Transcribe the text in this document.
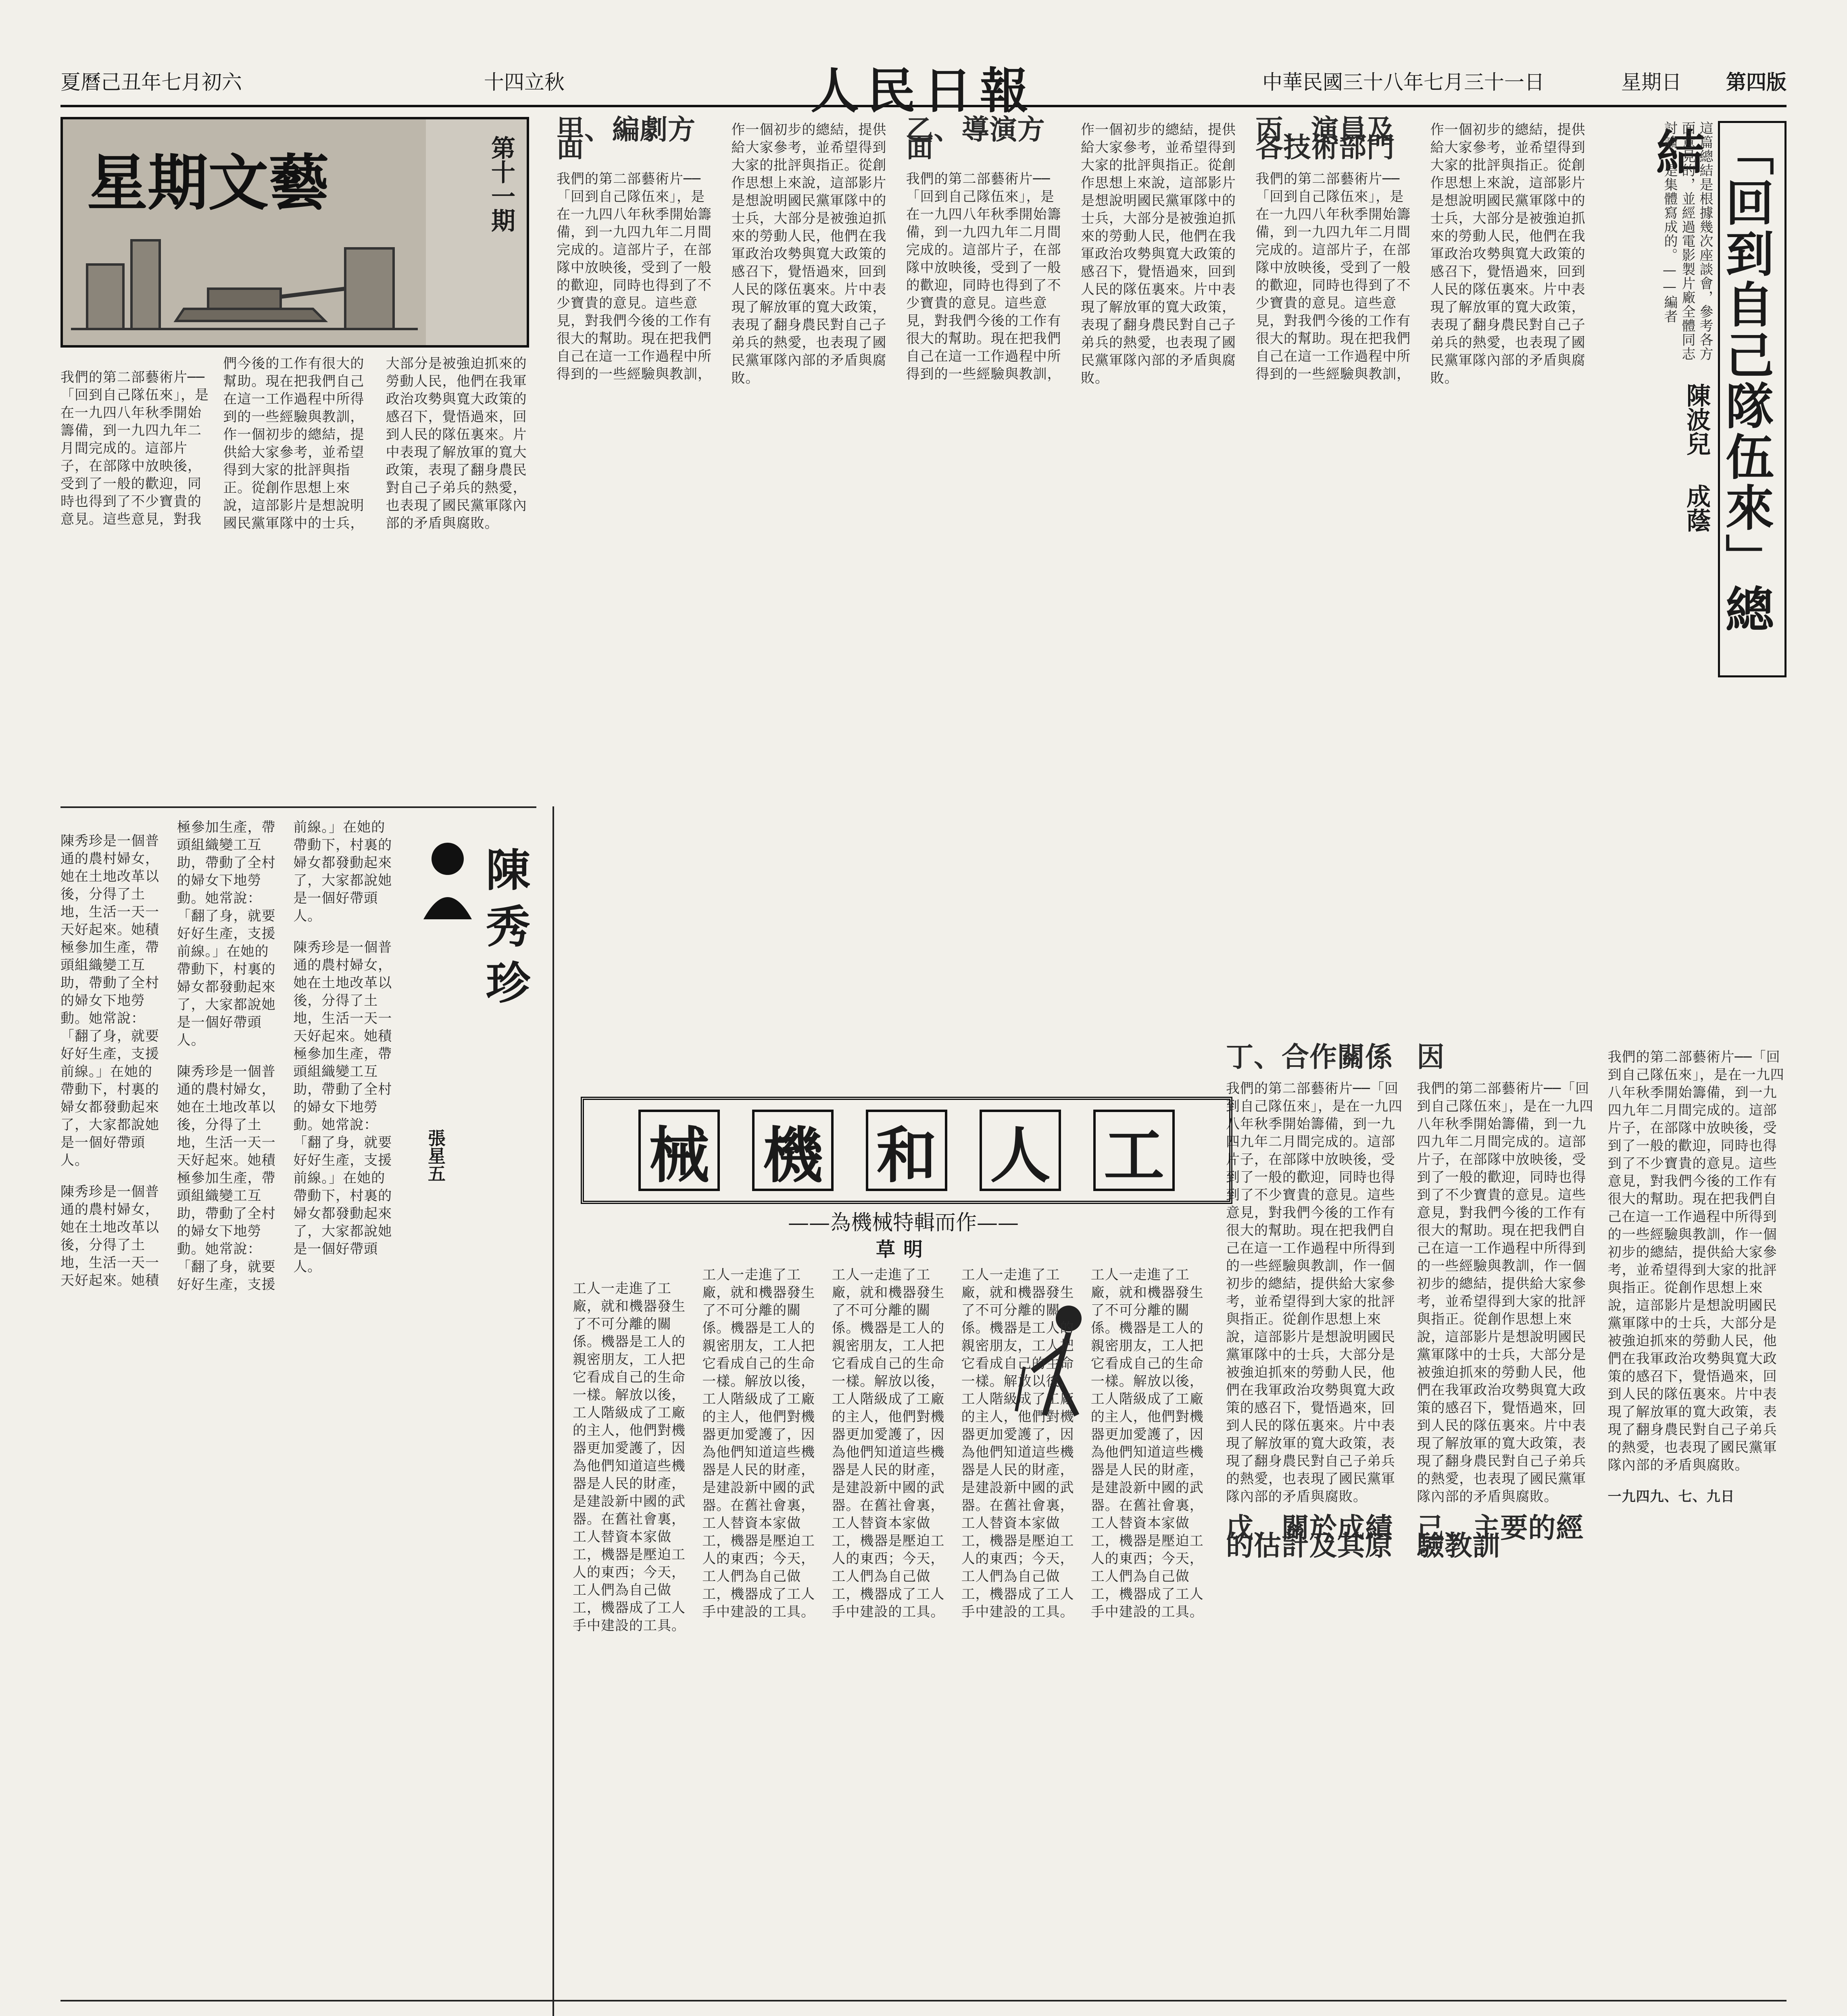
第四版
星期日
中華民國三十八年七月三十一日
人民日報
十四立秋
夏曆己丑年七月初六
星期文藝	第十一期	「回到自己隊伍來」總結
陳波兒 成蔭
這篇總結是根據幾次座談會，參考各方面意見的，並經過電影製片廠全體同志討論，是集體寫成的。——編者
甲、編劇方面

我們的第二部藝術片──「回到自己隊伍來」，是在一九四八年秋季開始籌備，到一九四九年二月間完成的。這部片子，在部隊中放映後，受到了一般的歡迎，同時也得到了不少寶貴的意見。這些意見，對我們今後的工作有很大的幫助。現在把我們自己在這一工作過程中所得到的一些經驗與教訓，作一個初步的總結，提供給大家參考，並希望得到大家的批評與指正。從創作思想上來說，這部影片是想說明國民黨軍隊中的士兵，大部分是被強迫抓來的勞動人民，他們在我軍政治攻勢與寬大政策的感召下，覺悟過來，回到人民的隊伍裏來。片中表現了解放軍的寬大政策，表現了翻身農民對自己子弟兵的熱愛，也表現了國民黨軍隊內部的矛盾與腐敗。

乙、導演方面

我們的第二部藝術片──「回到自己隊伍來」，是在一九四八年秋季開始籌備，到一九四九年二月間完成的。這部片子，在部隊中放映後，受到了一般的歡迎，同時也得到了不少寶貴的意見。這些意見，對我們今後的工作有很大的幫助。現在把我們自己在這一工作過程中所得到的一些經驗與教訓，作一個初步的總結，提供給大家參考，並希望得到大家的批評與指正。從創作思想上來說，這部影片是想說明國民黨軍隊中的士兵，大部分是被強迫抓來的勞動人民，他們在我軍政治攻勢與寬大政策的感召下，覺悟過來，回到人民的隊伍裏來。片中表現了解放軍的寬大政策，表現了翻身農民對自己子弟兵的熱愛，也表現了國民黨軍隊內部的矛盾與腐敗。

丙、演員及各技術部門

我們的第二部藝術片──「回到自己隊伍來」，是在一九四八年秋季開始籌備，到一九四九年二月間完成的。這部片子，在部隊中放映後，受到了一般的歡迎，同時也得到了不少寶貴的意見。這些意見，對我們今後的工作有很大的幫助。現在把我們自己在這一工作過程中所得到的一些經驗與教訓，作一個初步的總結，提供給大家參考，並希望得到大家的批評與指正。從創作思想上來說，這部影片是想說明國民黨軍隊中的士兵，大部分是被強迫抓來的勞動人民，他們在我軍政治攻勢與寬大政策的感召下，覺悟過來，回到人民的隊伍裏來。片中表現了解放軍的寬大政策，表現了翻身農民對自己子弟兵的熱愛，也表現了國民黨軍隊內部的矛盾與腐敗。

丁、合作關係

我們的第二部藝術片──「回到自己隊伍來」，是在一九四八年秋季開始籌備，到一九四九年二月間完成的。這部片子，在部隊中放映後，受到了一般的歡迎，同時也得到了不少寶貴的意見。這些意見，對我們今後的工作有很大的幫助。現在把我們自己在這一工作過程中所得到的一些經驗與教訓，作一個初步的總結，提供給大家參考，並希望得到大家的批評與指正。從創作思想上來說，這部影片是想說明國民黨軍隊中的士兵，大部分是被強迫抓來的勞動人民，他們在我軍政治攻勢與寬大政策的感召下，覺悟過來，回到人民的隊伍裏來。片中表現了解放軍的寬大政策，表現了翻身農民對自己子弟兵的熱愛，也表現了國民黨軍隊內部的矛盾與腐敗。

戊、關於成績的估計及其原因

我們的第二部藝術片──「回到自己隊伍來」，是在一九四八年秋季開始籌備，到一九四九年二月間完成的。這部片子，在部隊中放映後，受到了一般的歡迎，同時也得到了不少寶貴的意見。這些意見，對我們今後的工作有很大的幫助。現在把我們自己在這一工作過程中所得到的一些經驗與教訓，作一個初步的總結，提供給大家參考，並希望得到大家的批評與指正。從創作思想上來說，這部影片是想說明國民黨軍隊中的士兵，大部分是被強迫抓來的勞動人民，他們在我軍政治攻勢與寬大政策的感召下，覺悟過來，回到人民的隊伍裏來。片中表現了解放軍的寬大政策，表現了翻身農民對自己子弟兵的熱愛，也表現了國民黨軍隊內部的矛盾與腐敗。

己、主要的經驗教訓

我們的第二部藝術片──「回到自己隊伍來」，是在一九四八年秋季開始籌備，到一九四九年二月間完成的。這部片子，在部隊中放映後，受到了一般的歡迎，同時也得到了不少寶貴的意見。這些意見，對我們今後的工作有很大的幫助。現在把我們自己在這一工作過程中所得到的一些經驗與教訓，作一個初步的總結，提供給大家參考，並希望得到大家的批評與指正。從創作思想上來說，這部影片是想說明國民黨軍隊中的士兵，大部分是被強迫抓來的勞動人民，他們在我軍政治攻勢與寬大政策的感召下，覺悟過來，回到人民的隊伍裏來。片中表現了解放軍的寬大政策，表現了翻身農民對自己子弟兵的熱愛，也表現了國民黨軍隊內部的矛盾與腐敗。

一九四九、七、九日

我們的第二部藝術片──「回到自己隊伍來」，是在一九四八年秋季開始籌備，到一九四九年二月間完成的。這部片子，在部隊中放映後，受到了一般的歡迎，同時也得到了不少寶貴的意見。這些意見，對我們今後的工作有很大的幫助。現在把我們自己在這一工作過程中所得到的一些經驗與教訓，作一個初步的總結，提供給大家參考，並希望得到大家的批評與指正。從創作思想上來說，這部影片是想說明國民黨軍隊中的士兵，大部分是被強迫抓來的勞動人民，他們在我軍政治攻勢與寬大政策的感召下，覺悟過來，回到人民的隊伍裏來。片中表現了解放軍的寬大政策，表現了翻身農民對自己子弟兵的熱愛，也表現了國民黨軍隊內部的矛盾與腐敗。

陳秀珍
張星五

陳秀珍是一個普通的農村婦女，她在土地改革以後，分得了土地，生活一天一天好起來。她積極參加生產，帶頭組織變工互助，帶動了全村的婦女下地勞動。她常說：「翻了身，就要好好生產，支援前線。」在她的帶動下，村裏的婦女都發動起來了，大家都說她是一個好帶頭人。

陳秀珍是一個普通的農村婦女，她在土地改革以後，分得了土地，生活一天一天好起來。她積極參加生產，帶頭組織變工互助，帶動了全村的婦女下地勞動。她常說：「翻了身，就要好好生產，支援前線。」在她的帶動下，村裏的婦女都發動起來了，大家都說她是一個好帶頭人。

陳秀珍是一個普通的農村婦女，她在土地改革以後，分得了土地，生活一天一天好起來。她積極參加生產，帶頭組織變工互助，帶動了全村的婦女下地勞動。她常說：「翻了身，就要好好生產，支援前線。」在她的帶動下，村裏的婦女都發動起來了，大家都說她是一個好帶頭人。

陳秀珍是一個普通的農村婦女，她在土地改革以後，分得了土地，生活一天一天好起來。她積極參加生產，帶頭組織變工互助，帶動了全村的婦女下地勞動。她常說：「翻了身，就要好好生產，支援前線。」在她的帶動下，村裏的婦女都發動起來了，大家都說她是一個好帶頭人。

械 機 和 人 工
——為機械特輯而作——
草明

工人一走進了工廠，就和機器發生了不可分離的關係。機器是工人的親密朋友，工人把它看成自己的生命一樣。解放以後，工人階級成了工廠的主人，他們對機器更加愛護了，因為他們知道這些機器是人民的財產，是建設新中國的武器。在舊社會裏，工人替資本家做工，機器是壓迫工人的東西；今天，工人們為自己做工，機器成了工人手中建設的工具。

工人一走進了工廠，就和機器發生了不可分離的關係。機器是工人的親密朋友，工人把它看成自己的生命一樣。解放以後，工人階級成了工廠的主人，他們對機器更加愛護了，因為他們知道這些機器是人民的財產，是建設新中國的武器。在舊社會裏，工人替資本家做工，機器是壓迫工人的東西；今天，工人們為自己做工，機器成了工人手中建設的工具。

工人一走進了工廠，就和機器發生了不可分離的關係。機器是工人的親密朋友，工人把它看成自己的生命一樣。解放以後，工人階級成了工廠的主人，他們對機器更加愛護了，因為他們知道這些機器是人民的財產，是建設新中國的武器。在舊社會裏，工人替資本家做工，機器是壓迫工人的東西；今天，工人們為自己做工，機器成了工人手中建設的工具。

工人一走進了工廠，就和機器發生了不可分離的關係。機器是工人的親密朋友，工人把它看成自己的生命一樣。解放以後，工人階級成了工廠的主人，他們對機器更加愛護了，因為他們知道這些機器是人民的財產，是建設新中國的武器。在舊社會裏，工人替資本家做工，機器是壓迫工人的東西；今天，工人們為自己做工，機器成了工人手中建設的工具。

工人一走進了工廠，就和機器發生了不可分離的關係。機器是工人的親密朋友，工人把它看成自己的生命一樣。解放以後，工人階級成了工廠的主人，他們對機器更加愛護了，因為他們知道這些機器是人民的財產，是建設新中國的武器。在舊社會裏，工人替資本家做工，機器是壓迫工人的東西；今天，工人們為自己做工，機器成了工人手中建設的工具。
